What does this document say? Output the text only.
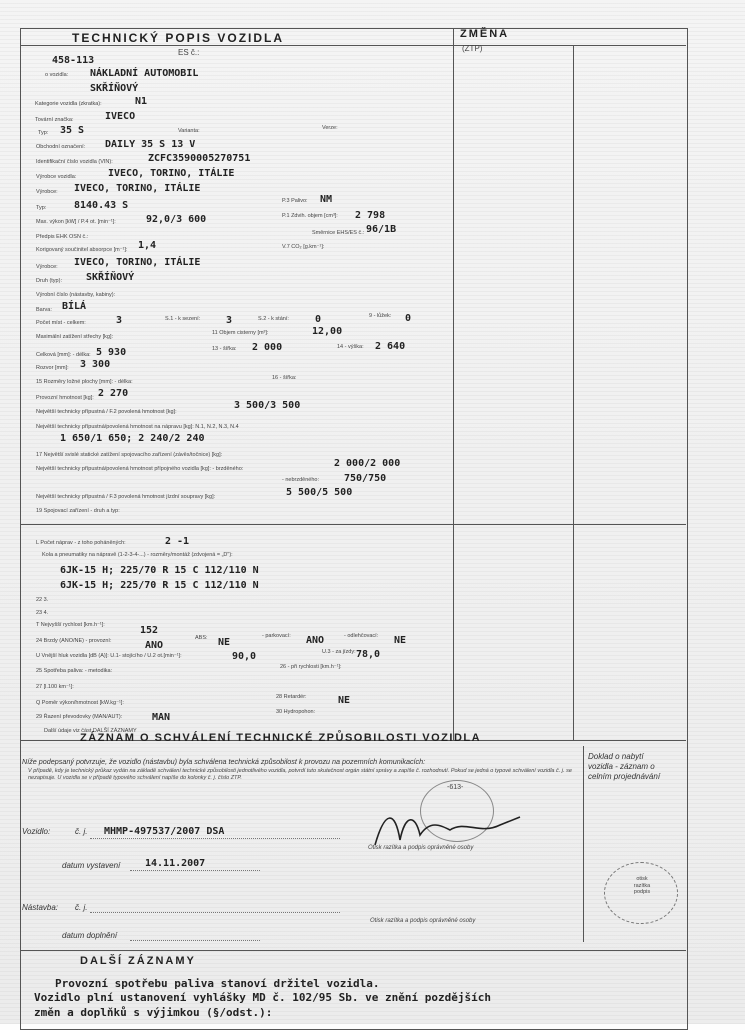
TECHNICKÝ POPIS VOZIDLA	ZMĚNA
(ZTP)
ES č.:
458-113
o vozidla: NÁKLADNÍ AUTOMOBIL
SKŘÍŇOVÝ
Kategorie vozidla (zkratka):	N1
Tovární značka:	IVECO
Typ: 35 S	Varianta:	Verze:
Obchodní označení: DAILY 35 S 13 V
Identifikační číslo vozidla (VIN):	ZCFC3590005270751
Výrobce vozidla:	IVECO, TORINO, ITÁLIE
Výrobce: IVECO, TORINO, ITÁLIE
Typ:	8140.43 S	P.3 Palivo: NM
Max. výkon [kW] / P.4 ot. [min⁻¹]:	92,0/3 600	P.1 Zdvih. objem [cm³]: 2 798
Předpis EHK OSN č.:
Směrnice EHS/ES č.: 96/1B
Korigovaný součinitel absorpce [m⁻¹]: 1,4	V.7 CO₂ [g.km⁻¹]:
Výrobce: IVECO, TORINO, ITÁLIE
Druh (typ): SKŘÍŇOVÝ
Výrobní číslo (nástavby, kabiny):
Barva: BÍLÁ
Počet míst - celkem:	3	S.1 - k sezení:	3	S.2 - k stání:	0	9 - lůžek: 0
Maximální zatížení střechy [kg]:
11 Objem cisterny [m³]:	12,00
Celková [mm]: - délka: 5 930	13 - šířka: 2 000	14 - výška: 2 640
Rozvor [mm]: 3 300
15 Rozměry ložné plochy [mm]: - délka:
16 - šířka:
Provozní hmotnost [kg]: 2 270
Největší technicky přípustná / F.2 povolená hmotnost [kg]:
3 500/3 500
Největší technicky přípustná/povolená hmotnost na nápravu [kg]: N.1, N.2, N.3, N.4
1 650/1 650; 2 240/2 240
17 Největší svislé statické zatížení spojovacího zařízení (závěs/točnice) [kg]:
Největší technicky přípustná/povolená hmotnost přípojného vozidla [kg]: - brzděného:	2 000/2 000
- nebrzděného:	750/750
Největší technicky přípustná / F.3 povolená hmotnost jízdní soupravy [kg]:	5 500/5 500
19 Spojovací zařízení - druh a typ:
L Počet náprav - z toho poháněných:	2 -1
Kola a pneumatiky na nápravě (1-2-3-4-...) - rozměry/montáž (zdvojená = „D"):
6JK-15 H; 225/70 R 15 C 112/110 N
6JK-15 H; 225/70 R 15 C 112/110 N
22 3.
23 4.
T Nejvyšší rychlost [km.h⁻¹]:	152
24 Brzdy (ANO/NE) - provozní:	ANO
ABS: NE
- parkovací: ANO	- odlehčovací: NE
U Vnější hluk vozidla [dB (A)]: U.1- stojícího / U.2 ot.[min⁻¹]:	90,0	U.3 - za jízdy: 78,0
25 Spotřeba paliva: - metodika:
26 - při rychlosti [km.h⁻¹]:
27 [l.100 km⁻¹]:
Q Poměr výkon/hmotnost [kW.kg⁻¹]:
28 Retardér:	NE
29 Řazení převodovky (MAN/AUT):	MAN	30 Hydropohon:
Další údaje viz část DALŠÍ ZÁZNAMY
ZÁZNAM O SCHVÁLENÍ TECHNICKÉ ZPŮSOBILOSTI VOZIDLA
Níže podepsaný potvrzuje, že vozidlo (nástavbu) byla schválena technická způsobilost k provozu na pozemních komunikacích:
V případě, kdy je technický průkaz vydán na základě schválení technické způsobilosti jednotlivého vozidla, potvrdí tuto skutečnost orgán státní správy a zapíše č. rozhodnutí. Pokud se jedná o typové schválení vozidla č. j. se nezapisuje. U vozidla se v případě typového schválení napíše do kolonky č. j. číslo ZTP.
Doklad o nabytí vozidla - záznam o celním projednávání
Vozidlo:	č. j. MHMP-497537/2007 DSA
datum vystavení 14.11.2007
-613-
Otisk razítka a podpis oprávněné osoby
otisk razítka podpis
Nástavba: č. j.
datum doplnění
Otisk razítka a podpis oprávněné osoby
DALŠÍ ZÁZNAMY
Provozní spotřebu paliva stanoví držitel vozidla.
Vozidlo plní ustanovení vyhlášky MD č. 102/95 Sb. ve znění pozdějších
změn a doplňků s výjimkou (§/odst.):
